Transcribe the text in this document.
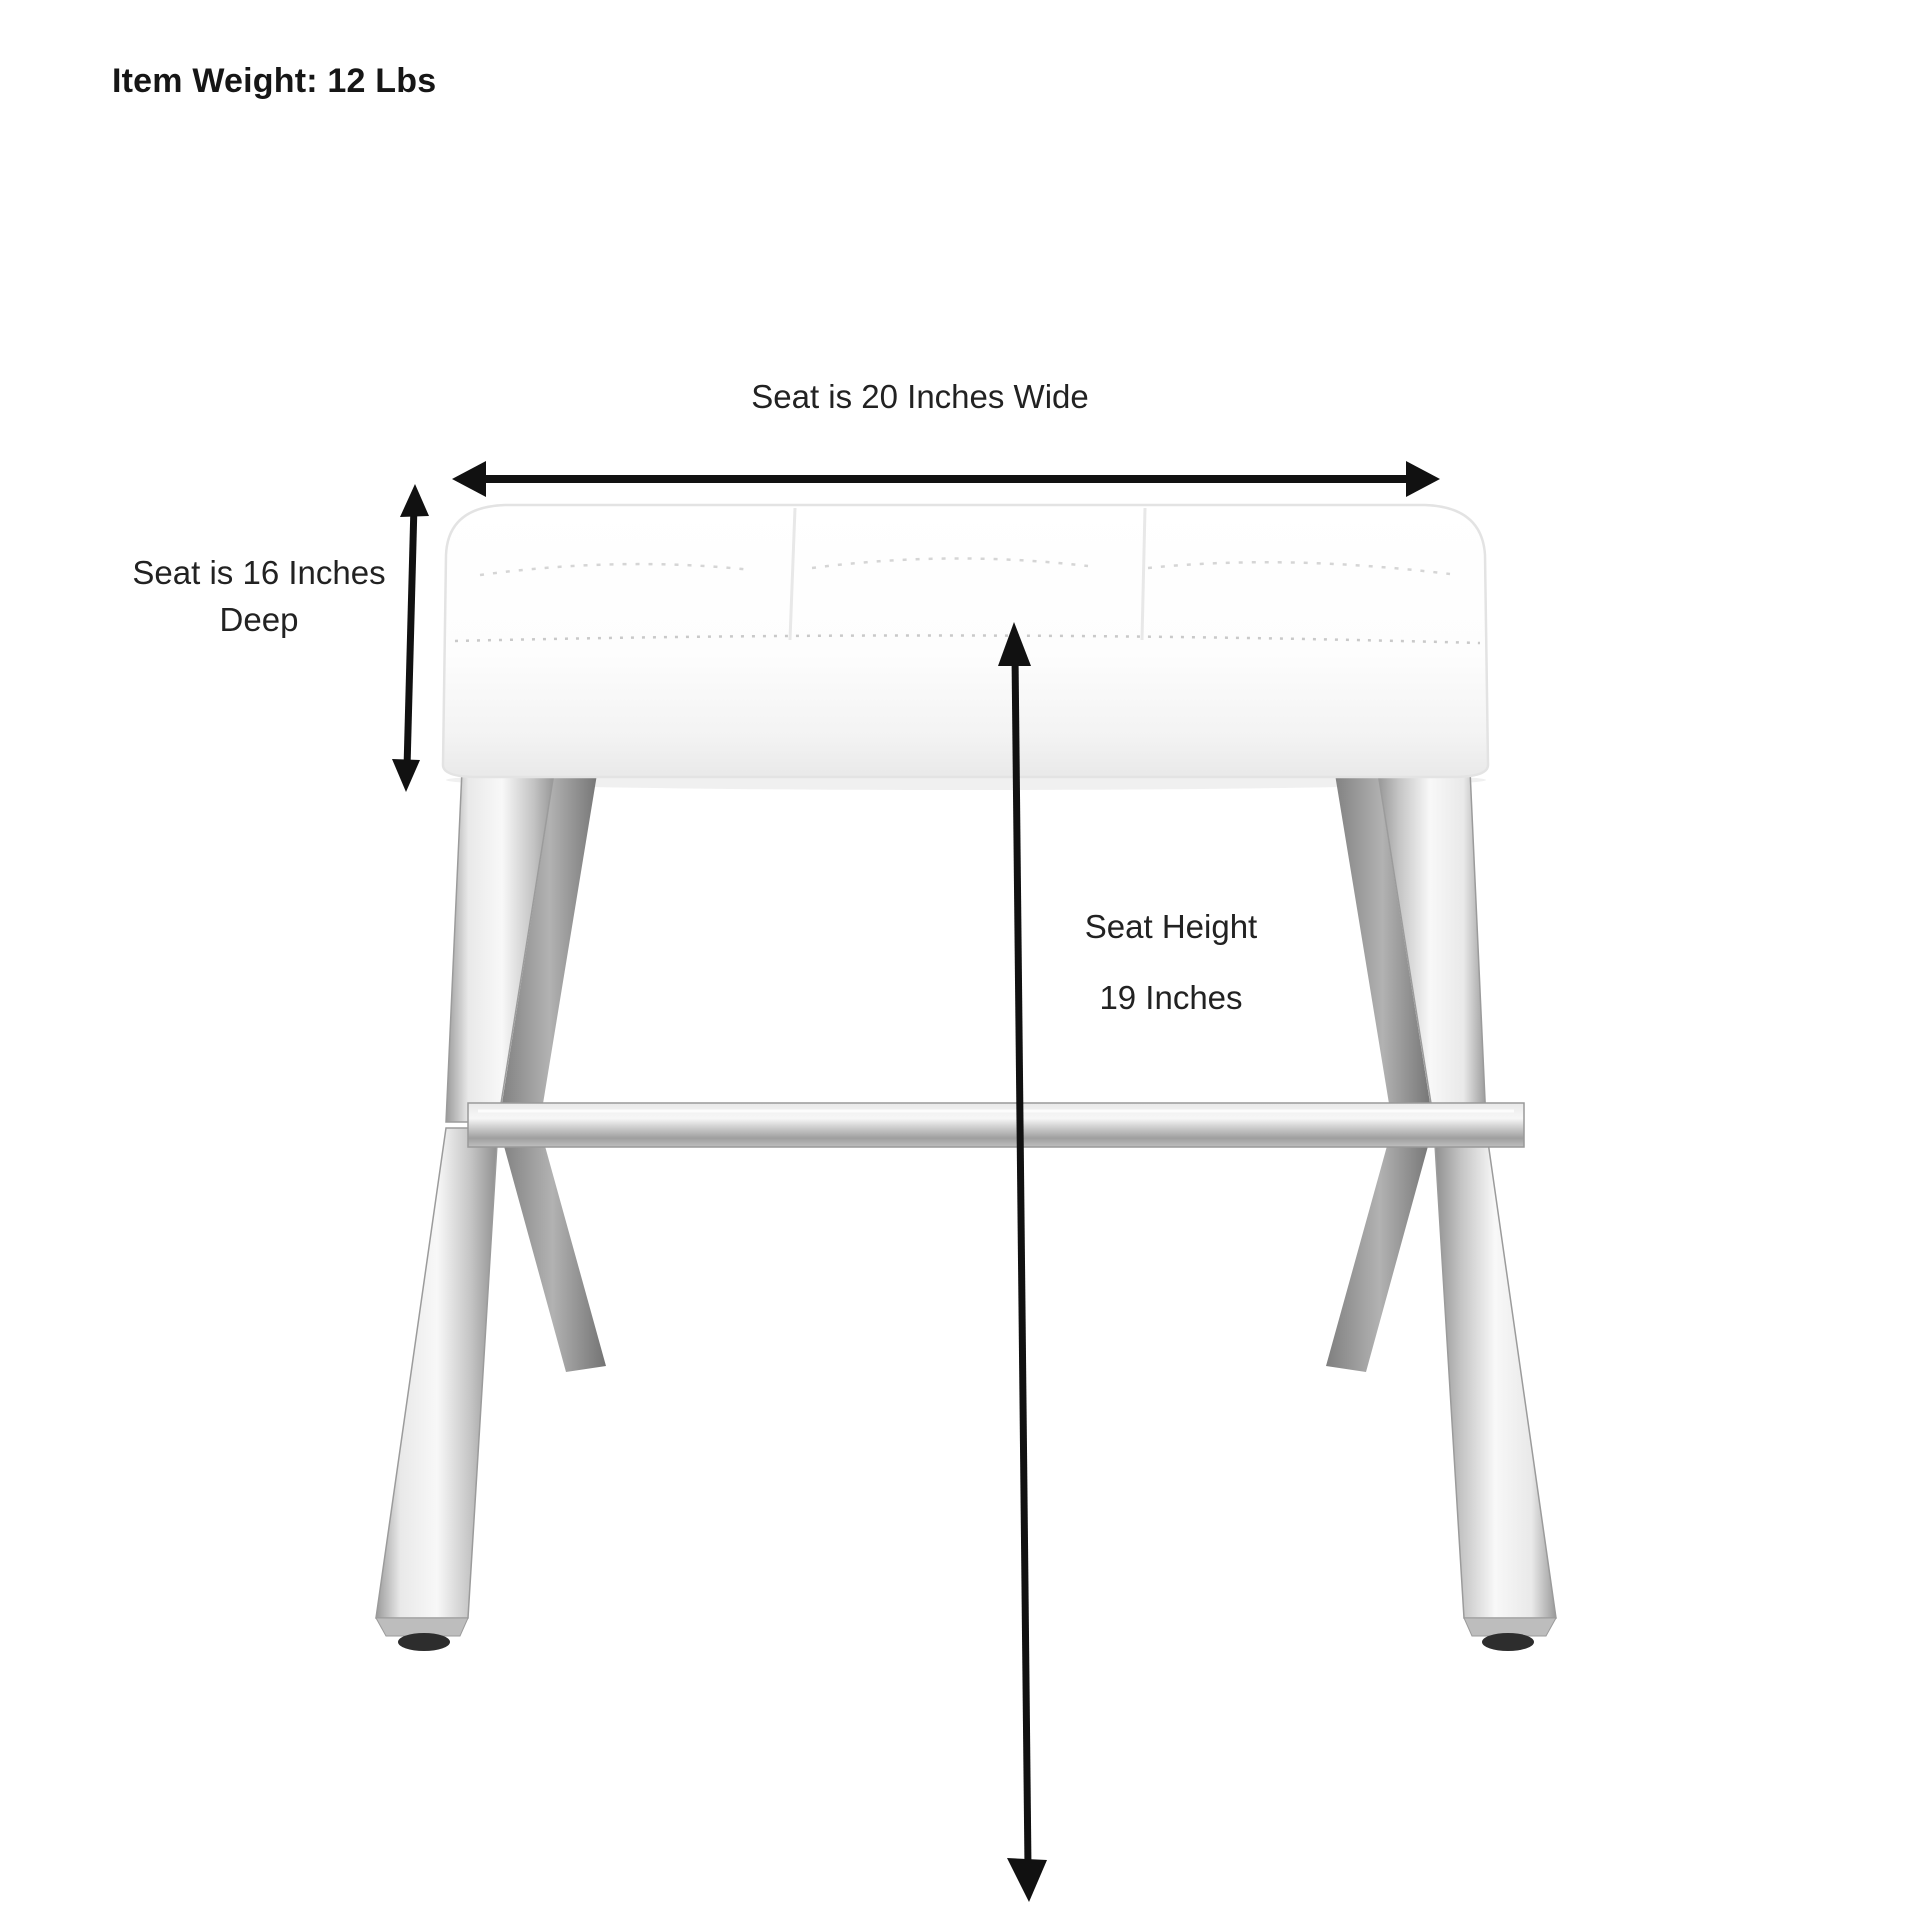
Item Weight: 12 Lbs
Seat is 20 Inches Wide
Seat is 16 Inches
Deep
Seat Height
19 Inches
